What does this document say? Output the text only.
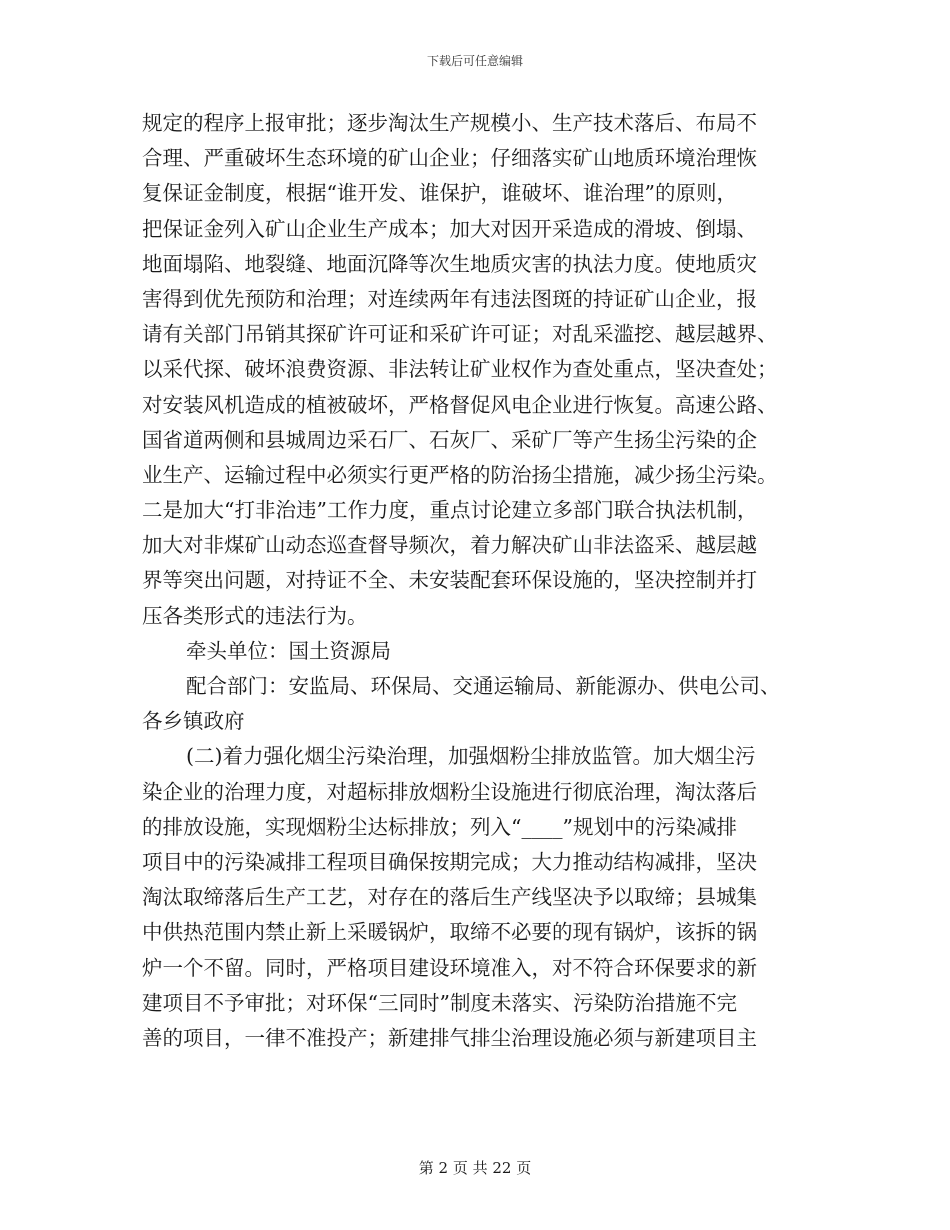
下载后可任意编辑
规定的程序上报审批；逐步淘汰生产规模小、生产技术落后、布局不
合理、严重破坏生态环境的矿山企业；仔细落实矿山地质环境治理恢
复保证金制度，根据“谁开发、谁保护，谁破坏、谁治理”的原则，
把保证金列入矿山企业生产成本；加大对因开采造成的滑坡、倒塌、
地面塌陷、地裂缝、地面沉降等次生地质灾害的执法力度。使地质灾
害得到优先预防和治理；对连续两年有违法图斑的持证矿山企业，报
请有关部门吊销其探矿许可证和采矿许可证；对乱采滥挖、越层越界、
以采代探、破坏浪费资源、非法转让矿业权作为查处重点，坚决查处；
对安装风机造成的植被破坏，严格督促风电企业进行恢复。高速公路、
国省道两侧和县城周边采石厂、石灰厂、采矿厂等产生扬尘污染的企
业生产、运输过程中必须实行更严格的防治扬尘措施，减少扬尘污染。
二是加大“打非治违”工作力度，重点讨论建立多部门联合执法机制，
加大对非煤矿山动态巡查督导频次，着力解决矿山非法盗采、越层越
界等突出问题，对持证不全、未安装配套环保设施的，坚决控制并打
压各类形式的违法行为。
牵头单位：国土资源局
配合部门：安监局、环保局、交通运输局、新能源办、供电公司、
各乡镇政府
(二)着力强化烟尘污染治理，加强烟粉尘排放监管。加大烟尘污
染企业的治理力度，对超标排放烟粉尘设施进行彻底治理，淘汰落后
的排放设施，实现烟粉尘达标排放；列入“____”规划中的污染减排
项目中的污染减排工程项目确保按期完成；大力推动结构减排，坚决
淘汰取缔落后生产工艺，对存在的落后生产线坚决予以取缔；县城集
中供热范围内禁止新上采暖锅炉，取缔不必要的现有锅炉，该拆的锅
炉一个不留。同时，严格项目建设环境准入，对不符合环保要求的新
建项目不予审批；对环保“三同时”制度未落实、污染防治措施不完
善的项目，一律不准投产；新建排气排尘治理设施必须与新建项目主
第 2 页 共 22 页
